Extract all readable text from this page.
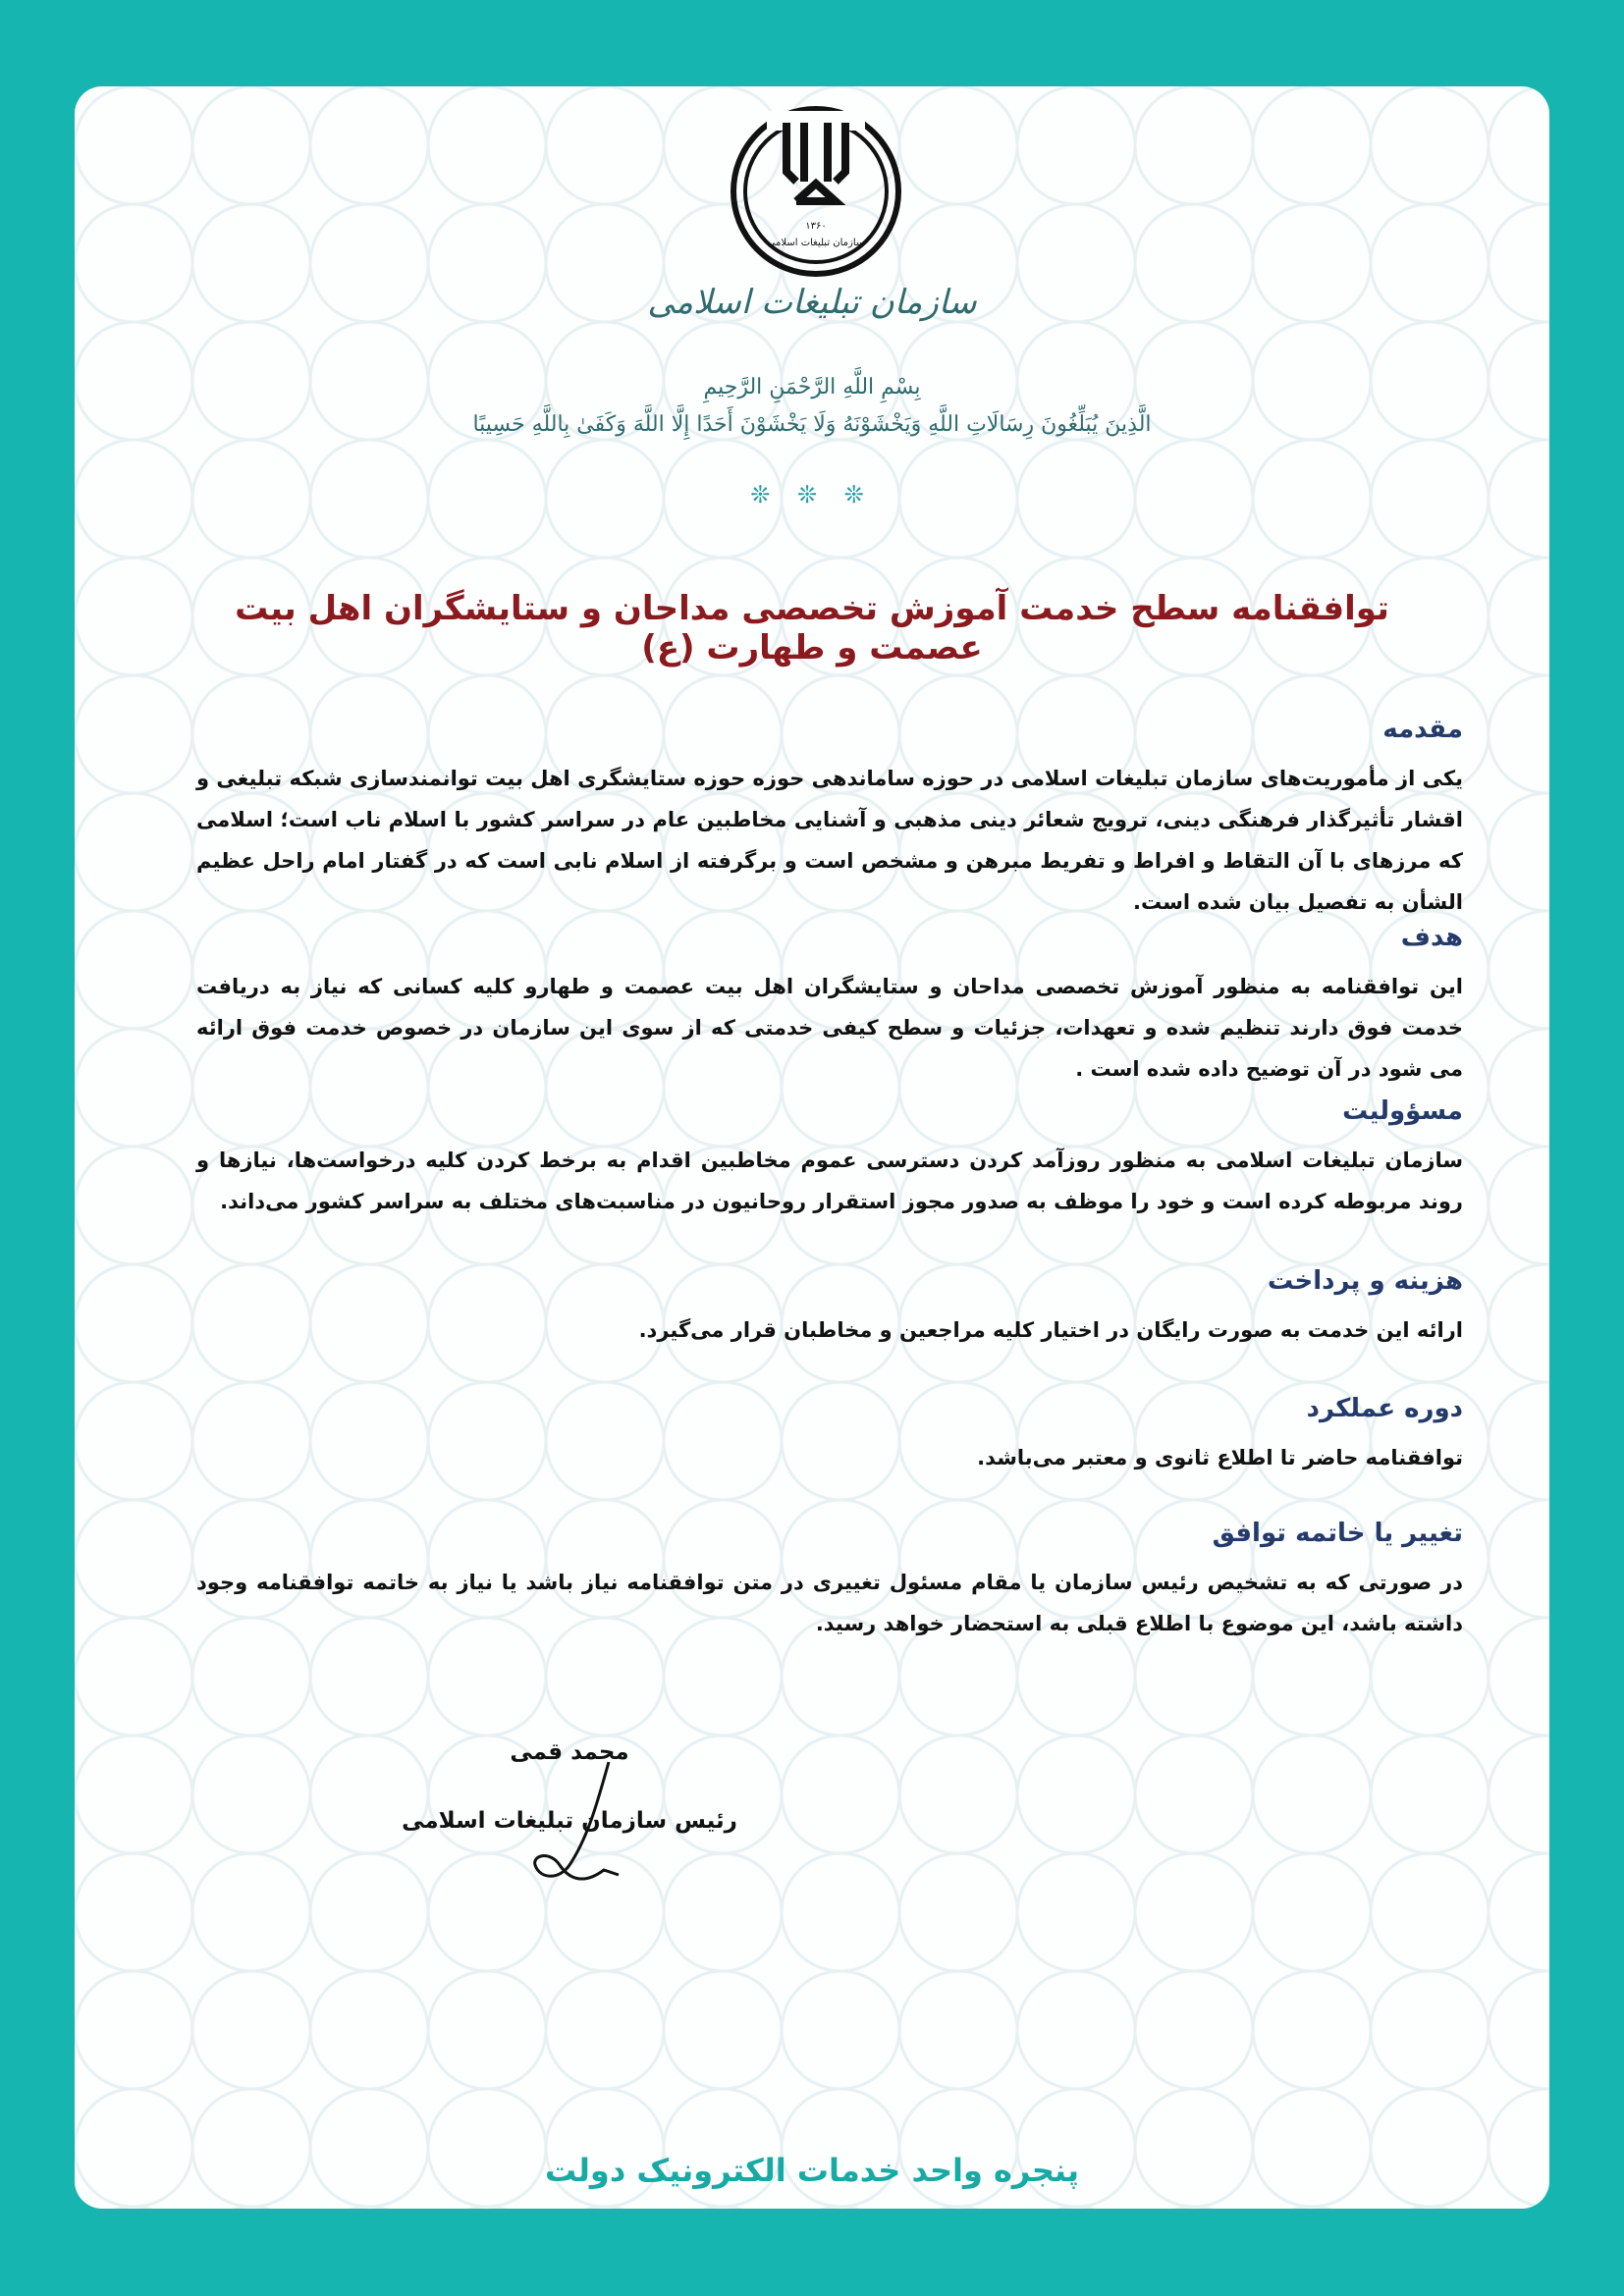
۱۳۶۰
سازمان تبلیغات اسلامی
سازمان تبلیغات اسلامی
بِسْمِ اللَّهِ الرَّحْمَنِ الرَّحِيمِ
الَّذِينَ يُبَلِّغُونَ رِسَالَاتِ اللَّهِ وَيَخْشَوْنَهُ وَلَا يَخْشَوْنَ أَحَدًا إِلَّا اللَّهَ وَكَفَىٰ بِاللَّهِ حَسِيبًا
❊ ❊ ❊
توافقنامه سطح خدمت آموزش تخصصی مداحان و ستایشگران اهل بیت عصمت و طهارت (ع)
مقدمه

یکی از مأموریت‌های سازمان تبلیغات اسلامی در حوزه ساماندهی حوزه حوزه ستایشگری اهل بیت توانمندسازی شبکه تبلیغی و اقشار تأثیرگذار فرهنگی دینی، ترویج شعائر دینی مذهبی و آشنایی مخاطبین عام در سراسر کشور با اسلام ناب است؛ اسلامی که مرزهای با آن التقاط و افراط و تفریط مبرهن و مشخص است و برگرفته از اسلام نابی است که در گفتار امام راحل عظیم الشأن به تفصیل بیان شده است.

هدف

این توافقنامه به منظور آموزش تخصصی مداحان و ستایشگران اهل بیت عصمت و طهارو کلیه کسانی که نیاز به دریافت خدمت فوق دارند تنظیم شده و تعهدات، جزئیات و سطح کیفی خدمتی که از سوی این سازمان در خصوص خدمت فوق ارائه می شود در آن توضیح داده شده است .

مسؤولیت

سازمان تبلیغات اسلامی به منظور روزآمد کردن دسترسی عموم مخاطبین اقدام به برخط کردن کلیه درخواست‌ها، نیازها و روند مربوطه کرده است و خود را موظف به صدور مجوز استقرار روحانیون در مناسبت‌های مختلف به سراسر کشور می‌داند.

هزینه و پرداخت

ارائه این خدمت به صورت رایگان در اختیار کلیه مراجعین و مخاطبان قرار می‌گیرد.

دوره عملکرد

توافقنامه حاضر تا اطلاع ثانوی و معتبر می‌باشد.

تغییر یا خاتمه توافق

در صورتی که به تشخیص رئیس سازمان یا مقام مسئول تغییری در متن توافقنامه نیاز باشد یا نیاز به خاتمه توافقنامه وجود داشته باشد، این موضوع با اطلاع قبلی به استحضار خواهد رسید.

محمد قمی
رئیس سازمان تبلیغات اسلامی
پنجره واحد خدمات الکترونیک دولت
